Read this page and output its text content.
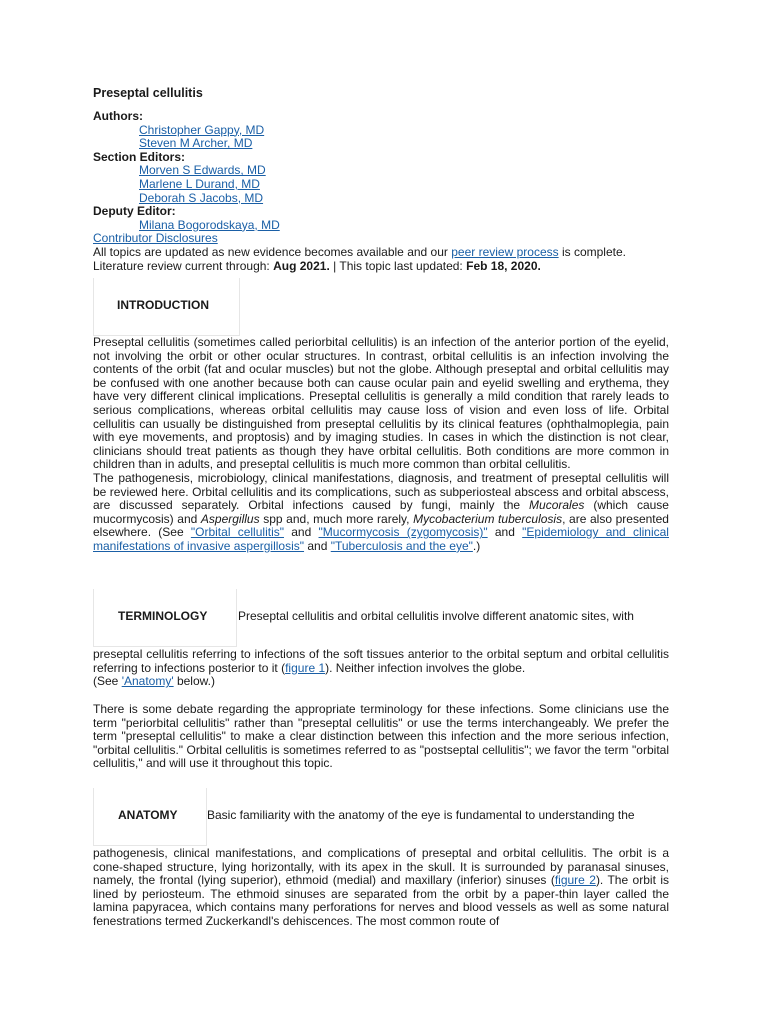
Preseptal cellulitis
Authors:
Christopher Gappy, MD
Steven M Archer, MD
Section Editors:
Morven S Edwards, MD
Marlene L Durand, MD
Deborah S Jacobs, MD
Deputy Editor:
Milana Bogorodskaya, MD
Contributor Disclosures
All topics are updated as new evidence becomes available and our peer review process is complete.
Literature review current through: Aug 2021. | This topic last updated: Feb 18, 2020.
INTRODUCTION

Preseptal cellulitis (sometimes called periorbital cellulitis) is an infection of the anterior portion of the eyelid, not involving the orbit or other ocular structures. In contrast, orbital cellulitis is an infection involving the contents of the orbit (fat and ocular muscles) but not the globe. Although preseptal and orbital cellulitis may be confused with one another because both can cause ocular pain and eyelid swelling and erythema, they have very different clinical implications. Preseptal cellulitis is generally a mild condition that rarely leads to serious complications, whereas orbital cellulitis may cause loss of vision and even loss of life. Orbital cellulitis can usually be distinguished from preseptal cellulitis by its clinical features (ophthalmoplegia, pain with eye movements, and proptosis) and by imaging studies. In cases in which the distinction is not clear, clinicians should treat patients as though they have orbital cellulitis. Both conditions are more common in children than in adults, and preseptal cellulitis is much more common than orbital cellulitis.

The pathogenesis, microbiology, clinical manifestations, diagnosis, and treatment of preseptal cellulitis will be reviewed here. Orbital cellulitis and its complications, such as subperiosteal abscess and orbital abscess, are discussed separately. Orbital infections caused by fungi, mainly the Mucorales (which cause mucormycosis) and Aspergillus spp and, much more rarely, Mycobacterium tuberculosis, are also presented elsewhere. (See "Orbital cellulitis" and "Mucormycosis (zygomycosis)" and "Epidemiology and clinical manifestations of invasive aspergillosis" and "Tuberculosis and the eye".)

TERMINOLOGY	Preseptal cellulitis and orbital cellulitis involve different anatomic sites, with

preseptal cellulitis referring to infections of the soft tissues anterior to the orbital septum and orbital cellulitis referring to infections posterior to it (figure 1). Neither infection involves the globe.
(See 'Anatomy' below.)

There is some debate regarding the appropriate terminology for these infections. Some clinicians use the term "periorbital cellulitis" rather than "preseptal cellulitis" or use the terms interchangeably. We prefer the term "preseptal cellulitis" to make a clear distinction between this infection and the more serious infection, "orbital cellulitis." Orbital cellulitis is sometimes referred to as "postseptal cellulitis"; we favor the term "orbital cellulitis," and will use it throughout this topic.
ANATOMY Basic familiarity with the anatomy of the eye is fundamental to understanding the

pathogenesis, clinical manifestations, and complications of preseptal and orbital cellulitis. The orbit is a cone-shaped structure, lying horizontally, with its apex in the skull. It is surrounded by paranasal sinuses, namely, the frontal (lying superior), ethmoid (medial) and maxillary (inferior) sinuses (figure 2). The orbit is lined by periosteum. The ethmoid sinuses are separated from the orbit by a paper-thin layer called the lamina papyracea, which contains many perforations for nerves and blood vessels as well as some natural fenestrations termed Zuckerkandl's dehiscences. The most common route of
